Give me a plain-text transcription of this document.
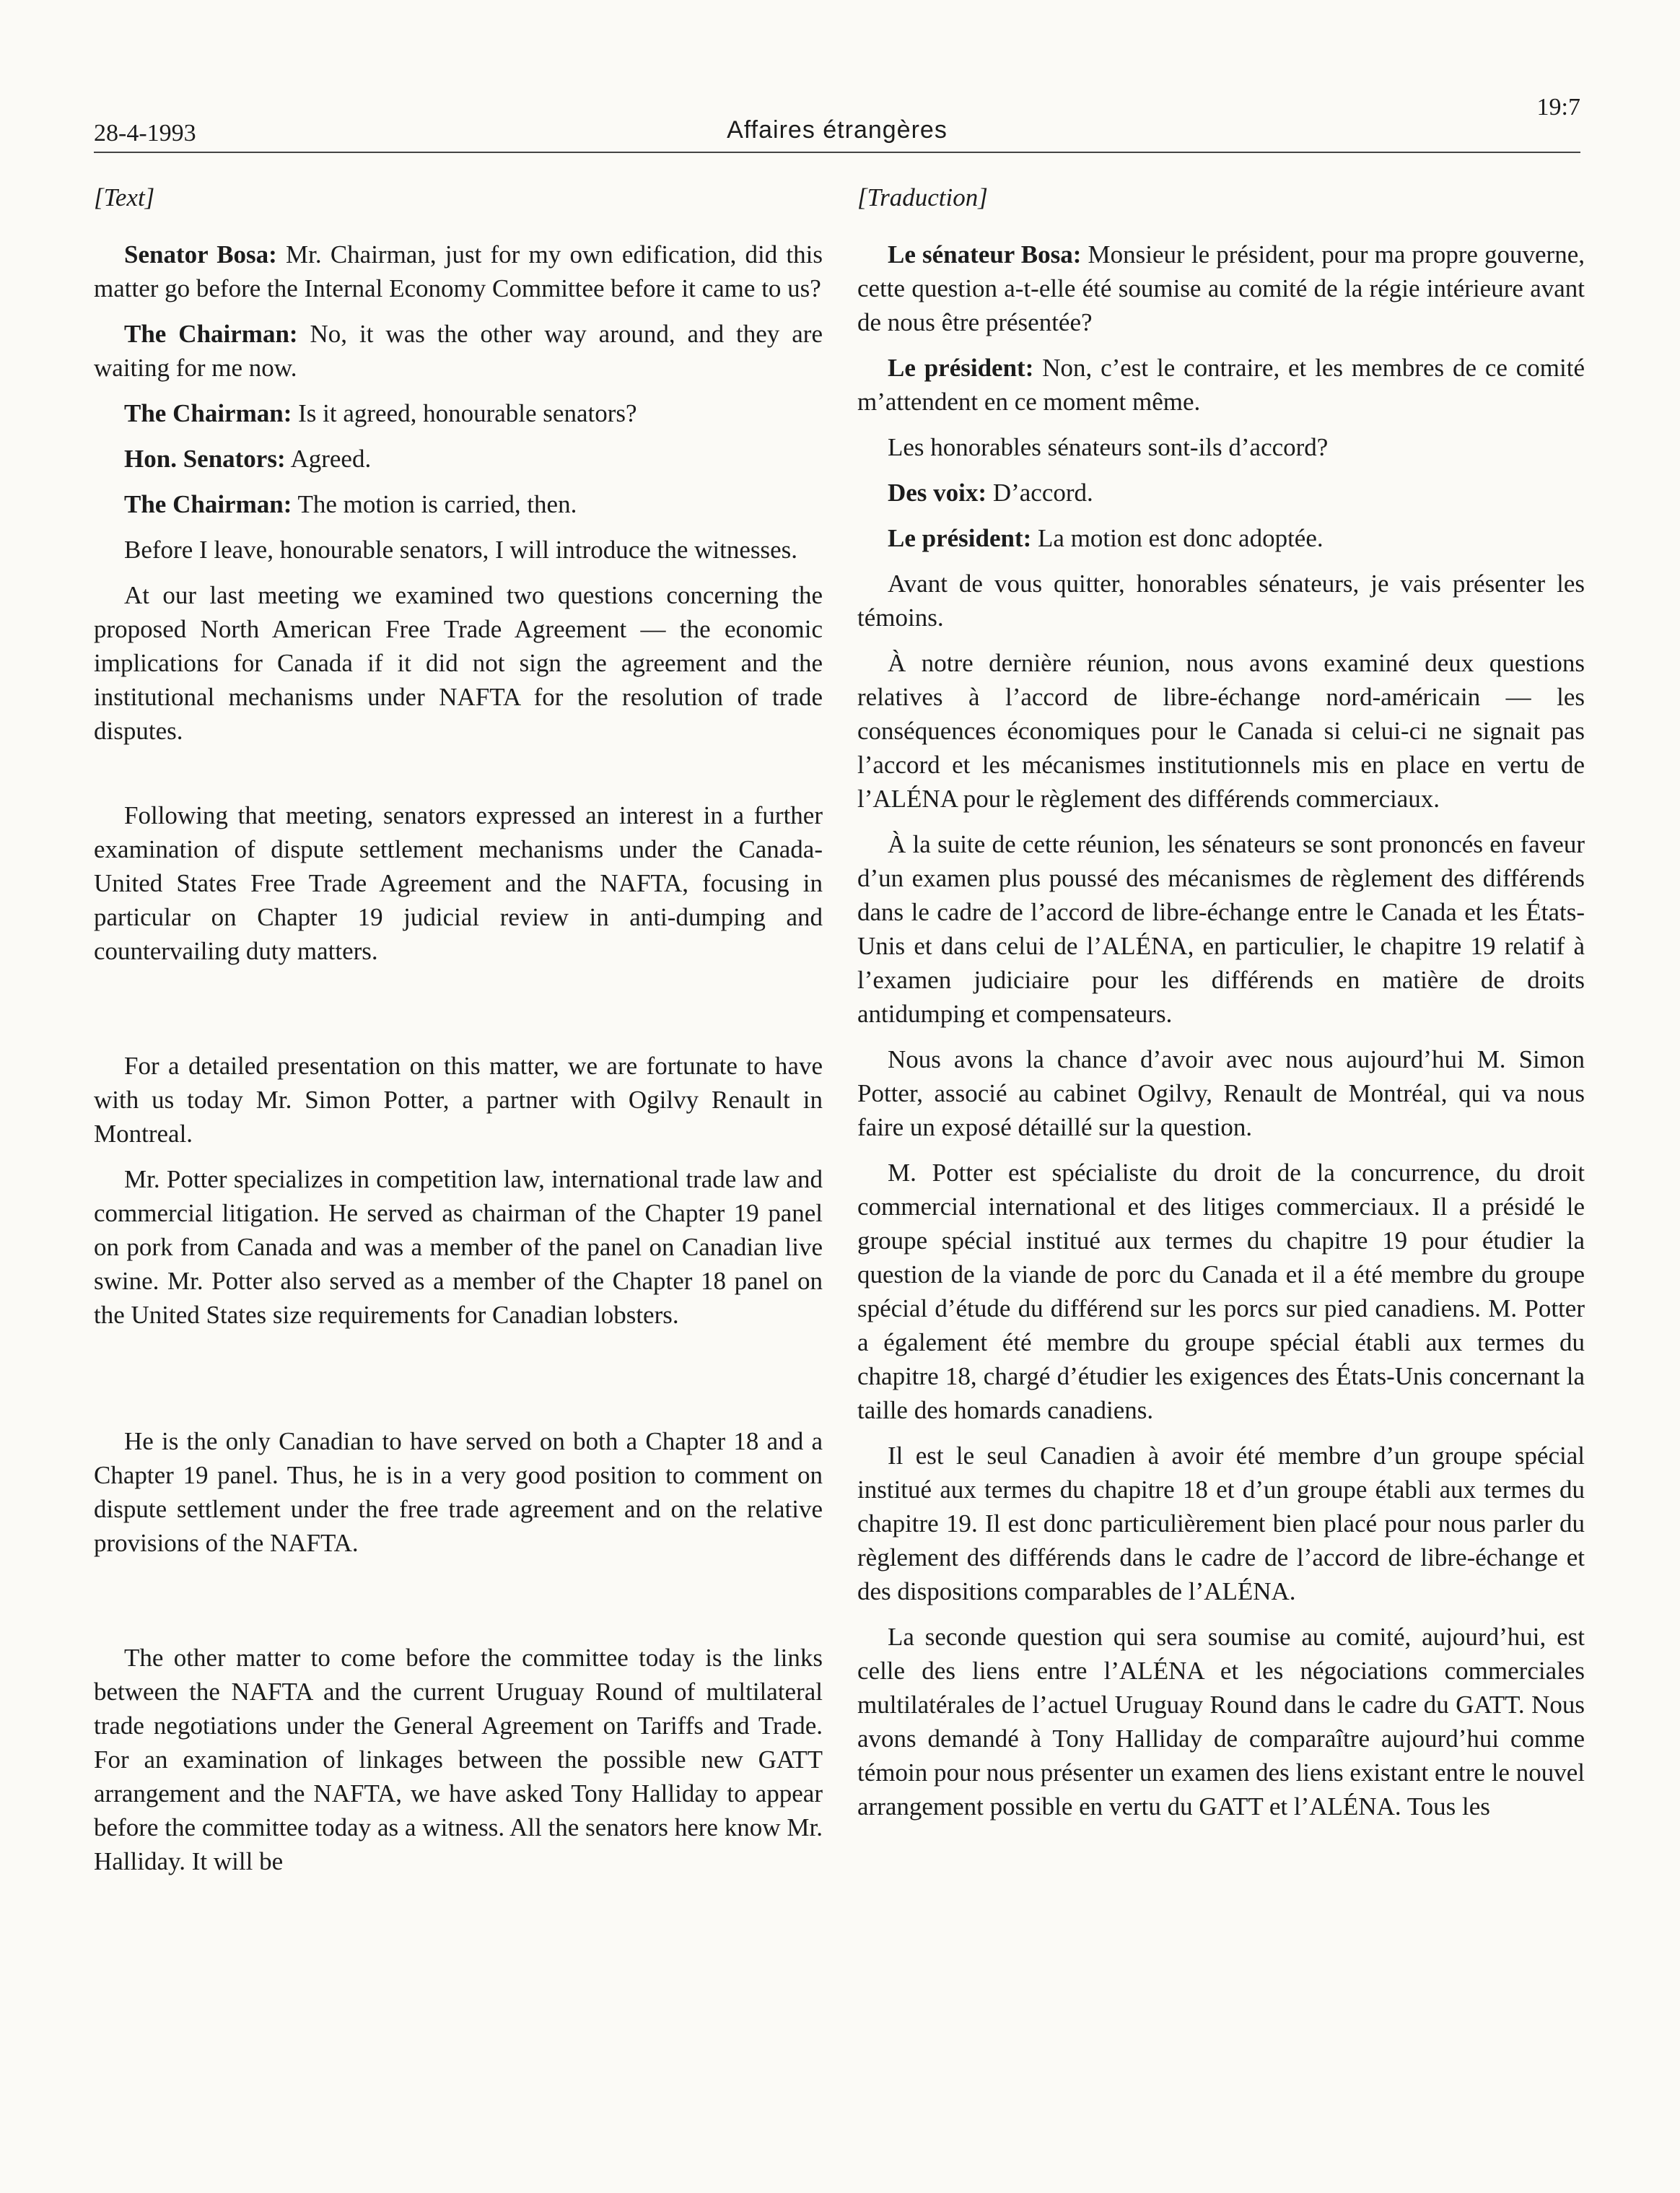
28-4-1993	Affaires étrangères
19:7

[Text]

Senator Bosa: Mr. Chairman, just for my own edification, did this matter go before the Internal Economy Committee before it came to us?

The Chairman: No, it was the other way around, and they are waiting for me now.

The Chairman: Is it agreed, honourable senators?

Hon. Senators: Agreed.

The Chairman: The motion is carried, then.

Before I leave, honourable senators, I will introduce the witnesses.

At our last meeting we examined two questions concerning the proposed North American Free Trade Agreement — the economic implications for Canada if it did not sign the agreement and the institutional mechanisms under NAFTA for the resolution of trade disputes.

Following that meeting, senators expressed an interest in a further examination of dispute settlement mechanisms under the Canada-United States Free Trade Agreement and the NAFTA, focusing in particular on Chapter 19 judicial review in anti-dumping and countervailing duty matters.

For a detailed presentation on this matter, we are fortunate to have with us today Mr. Simon Potter, a partner with Ogilvy Renault in Montreal.

Mr. Potter specializes in competition law, international trade law and commercial litigation. He served as chairman of the Chapter 19 panel on pork from Canada and was a member of the panel on Canadian live swine. Mr. Potter also served as a member of the Chapter 18 panel on the United States size requirements for Canadian lobsters.

He is the only Canadian to have served on both a Chapter 18 and a Chapter 19 panel. Thus, he is in a very good position to comment on dispute settlement under the free trade agreement and on the relative provisions of the NAFTA.

The other matter to come before the committee today is the links between the NAFTA and the current Uruguay Round of multilateral trade negotiations under the General Agreement on Tariffs and Trade. For an examination of linkages between the possible new GATT arrangement and the NAFTA, we have asked Tony Halliday to appear before the committee today as a witness. All the senators here know Mr. Halliday. It will be

[Traduction]

Le sénateur Bosa: Monsieur le président, pour ma propre gouverne, cette question a-t-elle été soumise au comité de la régie intérieure avant de nous être présentée?

Le président: Non, c’est le contraire, et les membres de ce comité m’attendent en ce moment même.

Les honorables sénateurs sont-ils d’accord?

Des voix: D’accord.

Le président: La motion est donc adoptée.

Avant de vous quitter, honorables sénateurs, je vais présenter les témoins.

À notre dernière réunion, nous avons examiné deux questions relatives à l’accord de libre-échange nord-américain — les conséquences économiques pour le Canada si celui-ci ne signait pas l’accord et les mécanismes institutionnels mis en place en vertu de l’ALÉNA pour le règlement des différends commerciaux.

À la suite de cette réunion, les sénateurs se sont prononcés en faveur d’un examen plus poussé des mécanismes de règlement des différends dans le cadre de l’accord de libre-échange entre le Canada et les États-Unis et dans celui de l’ALÉNA, en particulier, le chapitre 19 relatif à l’examen judiciaire pour les différends en matière de droits antidumping et compensateurs.

Nous avons la chance d’avoir avec nous aujourd’hui M. Simon Potter, associé au cabinet Ogilvy, Renault de Montréal, qui va nous faire un exposé détaillé sur la question.

M. Potter est spécialiste du droit de la concurrence, du droit commercial international et des litiges commerciaux. Il a présidé le groupe spécial institué aux termes du chapitre 19 pour étudier la question de la viande de porc du Canada et il a été membre du groupe spécial d’étude du différend sur les porcs sur pied canadiens. M. Potter a également été membre du groupe spécial établi aux termes du chapitre 18, chargé d’étudier les exigences des États-Unis concernant la taille des homards canadiens.

Il est le seul Canadien à avoir été membre d’un groupe spécial institué aux termes du chapitre 18 et d’un groupe établi aux termes du chapitre 19. Il est donc particulièrement bien placé pour nous parler du règlement des différends dans le cadre de l’accord de libre-échange et des dispositions comparables de l’ALÉNA.

La seconde question qui sera soumise au comité, aujourd’hui, est celle des liens entre l’ALÉNA et les négociations commerciales multilatérales de l’actuel Uruguay Round dans le cadre du GATT. Nous avons demandé à Tony Halliday de comparaître aujourd’hui comme témoin pour nous présenter un examen des liens existant entre le nouvel arrangement possible en vertu du GATT et l’ALÉNA. Tous les
